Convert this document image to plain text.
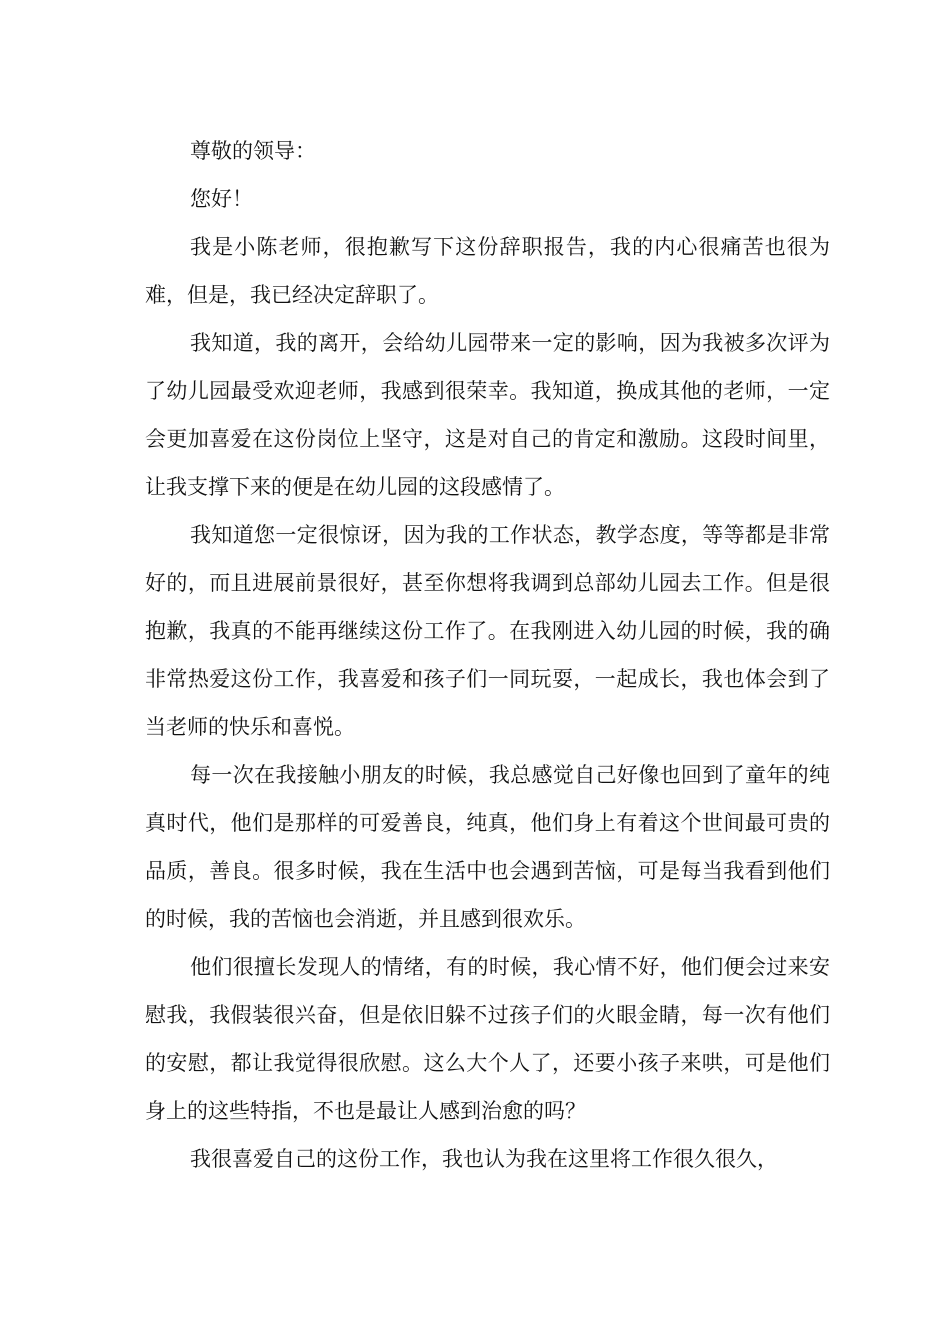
尊敬的领导：

您好！

我是小陈老师，很抱歉写下这份辞职报告，我的内心很痛苦也很为难，但是，我已经决定辞职了。

我知道，我的离开，会给幼儿园带来一定的影响，因为我被多次评为了幼儿园最受欢迎老师，我感到很荣幸。我知道，换成其他的老师，一定会更加喜爱在这份岗位上坚守，这是对自己的肯定和激励。这段时间里，让我支撑下来的便是在幼儿园的这段感情了。

我知道您一定很惊讶，因为我的工作状态，教学态度，等等都是非常好的，而且进展前景很好，甚至你想将我调到总部幼儿园去工作。但是很抱歉，我真的不能再继续这份工作了。在我刚进入幼儿园的时候，我的确非常热爱这份工作，我喜爱和孩子们一同玩耍，一起成长，我也体会到了当老师的快乐和喜悦。

每一次在我接触小朋友的时候，我总感觉自己好像也回到了童年的纯真时代，他们是那样的可爱善良，纯真，他们身上有着这个世间最可贵的品质，善良。很多时候，我在生活中也会遇到苦恼，可是每当我看到他们的时候，我的苦恼也会消逝，并且感到很欢乐。

他们很擅长发现人的情绪，有的时候，我心情不好，他们便会过来安慰我，我假装很兴奋，但是依旧躲不过孩子们的火眼金睛，每一次有他们的安慰，都让我觉得很欣慰。这么大个人了，还要小孩子来哄，可是他们身上的这些特指，不也是最让人感到治愈的吗？

我很喜爱自己的这份工作，我也认为我在这里将工作很久很久，
